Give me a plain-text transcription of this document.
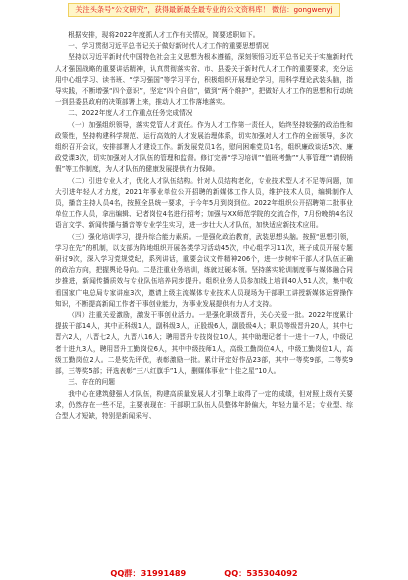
关注头条号“公文研究”，获得最新最全最专业的公文资料库！ 微信：gongwenyj

根据安排，现将2022年度抓人才工作有关情况，简要述职如下。

一、学习贯彻习近平总书记关于做好新时代人才工作的重要思想情况

坚持以习近平新时代中国特色社会主义思想为根本遵循，深刻领悟习近平总书记关于实施新时代人才强国战略的重要讲话精神，认真贯彻落实省、市、县委关于新时代人才工作的重要要求，充分运用中心组学习、读书班、“学习强国”等学习平台，积极组织开展理论学习，用科学理论武装头脑，指导实践，不断增强“四个意识”，坚定“四个自信”，做到“两个维护”，把做好人才工作的思想和行动统一到县委县政府的决策部署上来，推动人才工作落地落实。

二、2022年度人才工作重点任务完成情况

（一）加强组织领导，落实党管人才责任。作为人才工作第一责任人，始终坚持较强的政治性和政策性，坚持构建科学规范、运行高效的人才发展治理体系，切实加强对人才工作的全面领导，多次组织召开会议，安排部署人才建设工作。新发展党员1名，慰问困难党员1名，组织廉政谈话5次、廉政党课3次，切实加强对人才队伍的管理和监督。修订完善“学习培训”“值班考勤”“人事管理”“请假销假”等工作制度，为人才队伍的健康发展提供有力保障。

（二）引进专业人才，优化人才队伍结构。针对人员结构老化，专业技术型人才不足等问题，加大引进年轻人才力度，2021年事业单位公开招聘的新媒体工作人员，维护技术人员，编辑制作人员，播音主持人员4名，按照全县统一要求，于今年5月到岗到位。2022年组织公开招聘第二批事业单位工作人员，拿出编辑、记者岗位4名进行招考；加强与XX师范学院的交流合作，7月份晚纳4名汉语言文学、新闻传播与播音等专业学生实习，进一步壮大人才队伍，加快适应新技术应用。

（三）强化培训学习，提升综合能力素质。一是强化政治教育，武装思想头脑。按照“思想引领，学习在先”的机制，以支部为阵地组织开展各类学习活动45次，中心组学习11次，班子成员开展专题研讨9次，深入学习党规党纪，系列讲话，重要会议文件精神206个，进一步树牢干部人才队伍正确的政治方向，把握舆论导向。二是注重业务培训，练就过硬本领。坚持落实轮训制度事与媒体融合同步推进，新闻传播质效与专业队伍培养同步提升。组织业务人员参加线上培训40人51人次，集中收看国家广电总局专家讲座3次，邀请上级主流媒体专业技术人员现场为干部职工讲授新媒体运营操作知识，不断提高新闻工作者干事创业能力，为事业发展提供有力人才支持。

（四）注重关爱激励，激发干事创业活力。一是强化职级晋升，关心关爱一批。2022年度累计提拔干部14人，其中正科级1人，副科级3人，正股级6人，副股级4人；职员等级晋升20人，其中七晋六2人，八晋七2人，九晋八16人；聘用晋升专技岗位10人，其中助理记者十一进十一7人，中级记者十进九3人，聘用晋升工勤岗位6人，其中中级技师1人，高级工勤岗位4人，中级工勤岗位1人，高级工勤岗位2人。二是奖先评优，表彰激励一批。累计评定好作品23部，其中一等奖9部，二等奖9部，三等奖5部；评选表彰“三八红旗手”1人，删媒体事业“十佳之星”10人。

三、存在的问题

我中心在建筑健强人才队伍，构建高质量发展人才引擎上取得了一定的成绩，但对照上级有关要求，仍然存在一些不足，主要表现在：干部职工队伍人员整体年龄偏大，年轻力量不足；专业型、综合型人才短缺，特别是新闻采写、

QQ群：31991489	QQ：535304092
